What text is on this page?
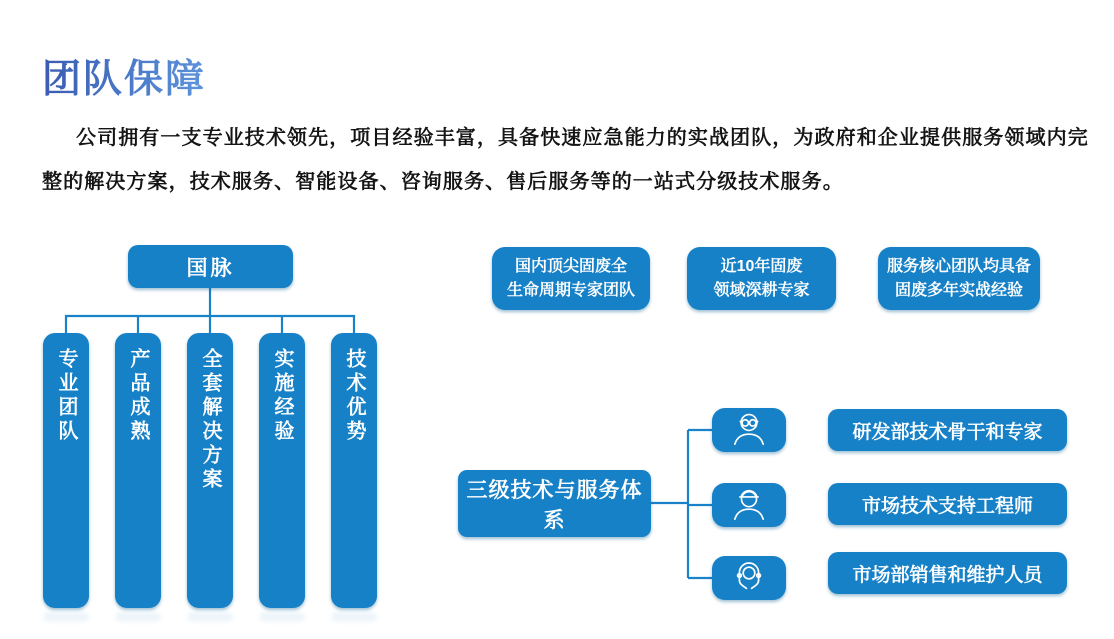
团队保障
公司拥有一支专业技术领先，项目经验丰富，具备快速应急能力的实战团队，为政府和企业提供服务领域内完
整的解决方案，技术服务、智能设备、咨询服务、售后服务等的一站式分级技术服务。
国脉
专业团队	产品成熟	全套解决方案	实施经验	技术优势
国内顶尖固废全
生命周期专家团队
近10年固废
领域深耕专家
服务核心团队均具备
固废多年实战经验
三级技术与服务体系
研发部技术骨干和专家
市场技术支持工程师
市场部销售和维护人员
